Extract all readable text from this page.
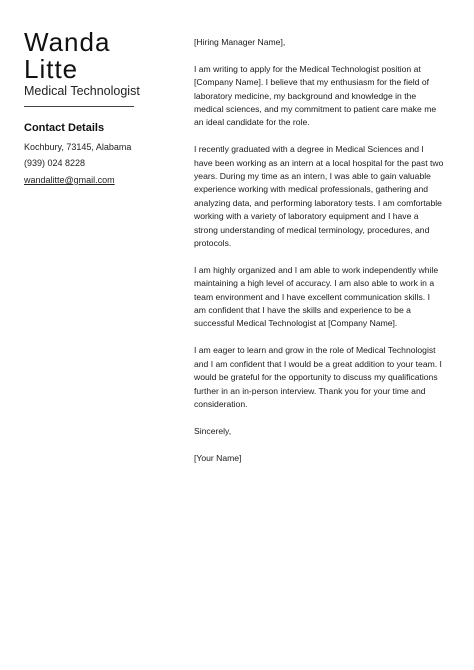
Wanda
Litte
Medical Technologist
Contact Details
Kochbury, 73145, Alabama
(939) 024 8228
wandalitte@gmail.com

[Hiring Manager Name],

I am writing to apply for the Medical Technologist position at [Company Name]. I believe that my enthusiasm for the field of laboratory medicine, my background and knowledge in the medical sciences, and my commitment to patient care make me an ideal candidate for the role.

I recently graduated with a degree in Medical Sciences and I have been working as an intern at a local hospital for the past two years. During my time as an intern, I was able to gain valuable experience working with medical professionals, gathering and analyzing data, and performing laboratory tests. I am comfortable working with a variety of laboratory equipment and I have a strong understanding of medical terminology, procedures, and protocols.

I am highly organized and I am able to work independently while maintaining a high level of accuracy. I am also able to work in a team environment and I have excellent communication skills. I am confident that I have the skills and experience to be a successful Medical Technologist at [Company Name].

I am eager to learn and grow in the role of Medical Technologist and I am confident that I would be a great addition to your team. I would be grateful for the opportunity to discuss my qualifications further in an in-person interview. Thank you for your time and consideration.

Sincerely,

[Your Name]
